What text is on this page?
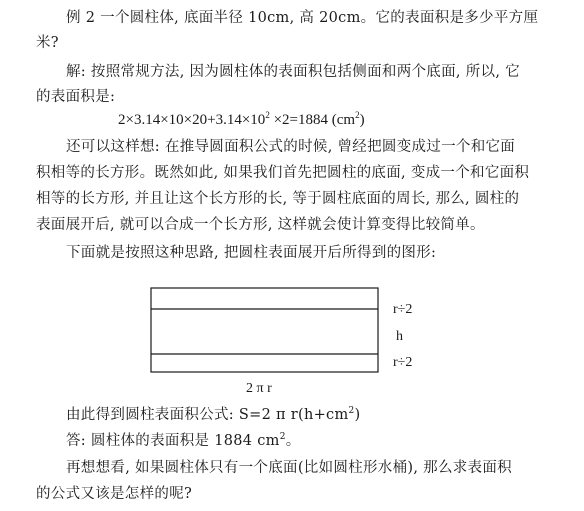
例 2 一个圆柱体, 底面半径 10cm, 高 20cm。它的表面积是多少平方厘
米?
解: 按照常规方法, 因为圆柱体的表面积包括侧面和两个底面, 所以, 它
的表面积是:
$2\times 3.14\times 10\times 20+3.14\times 10^2 \times 2=1884$ $(cm^2)$
还可以这样想: 在推导圆面积公式的时候, 曾经把圆变成过一个和它面
积相等的长方形。既然如此, 如果我们首先把圆柱的底面, 变成一个和它面积
相等的长方形, 并且让这个长方形的长, 等于圆柱底面的周长, 那么, 圆柱的
表面展开后, 就可以合成一个长方形, 这样就会使计算变得比较简单。
下面就是按照这种思路, 把圆柱表面展开后所得到的图形:
r÷2
h
r÷2
2 π r
由此得到圆柱表面积公式: S=2 π $r(h+cm^2)$
答: 圆柱体的表面积是 1884 $cm^2$。
再想想看, 如果圆柱体只有一个底面(比如圆柱形水桶), 那么求表面积
的公式又该是怎样的呢?
